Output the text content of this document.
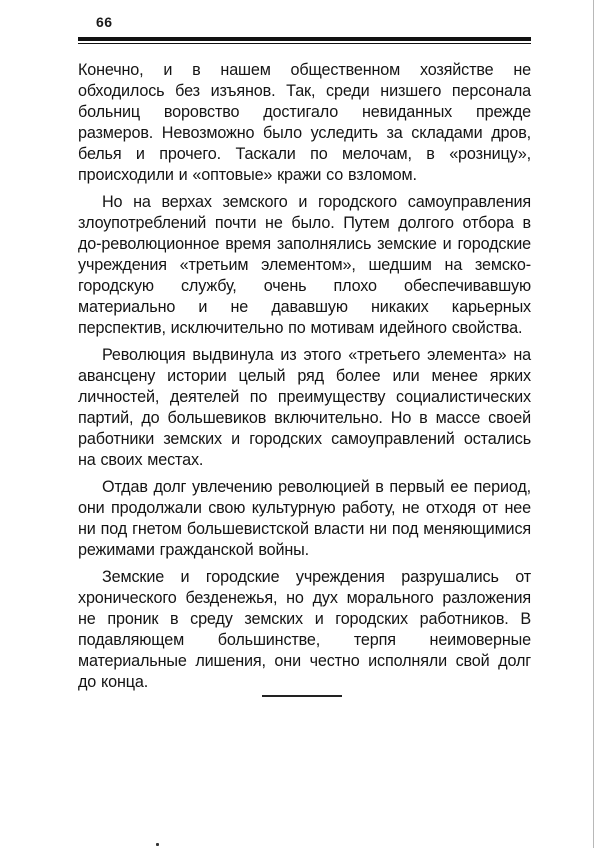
66

Конечно, и в нашем общественном хозяйстве не обходилось без изъянов. Так, среди низшего персонала больниц воровство достигало невиданных прежде размеров. Невозможно было уследить за складами дров, белья и прочего. Таскали по мелочам, в «розницу», происходили и «оптовые» кражи со взломом.

Но на верхах земского и городского самоуправления злоупотреблений почти не было. Путем долгого отбора в до-революционное время заполнялись земские и городские учреждения «третьим элементом», шедшим на земско-городскую службу, очень плохо обеспечивавшую материально и не дававшую никаких карьерных перспектив, исключительно по мотивам идейного свойства.

Революция выдвинула из этого «третьего элемента» на авансцену истории целый ряд более или менее ярких личностей, деятелей по преимуществу социалистических партий, до большевиков включительно. Но в массе своей работники земских и городских самоуправлений остались на своих местах.

Отдав долг увлечению революцией в первый ее период, они продолжали свою культурную работу, не отходя от нее ни под гнетом большевистской власти ни под меняющимися режимами гражданской войны.

Земские и городские учреждения разрушались от хронического безденежья, но дух морального разложения не проник в среду земских и городских работников. В подавляющем большинстве, терпя неимоверные материальные лишения, они честно исполняли свой долг до конца.
